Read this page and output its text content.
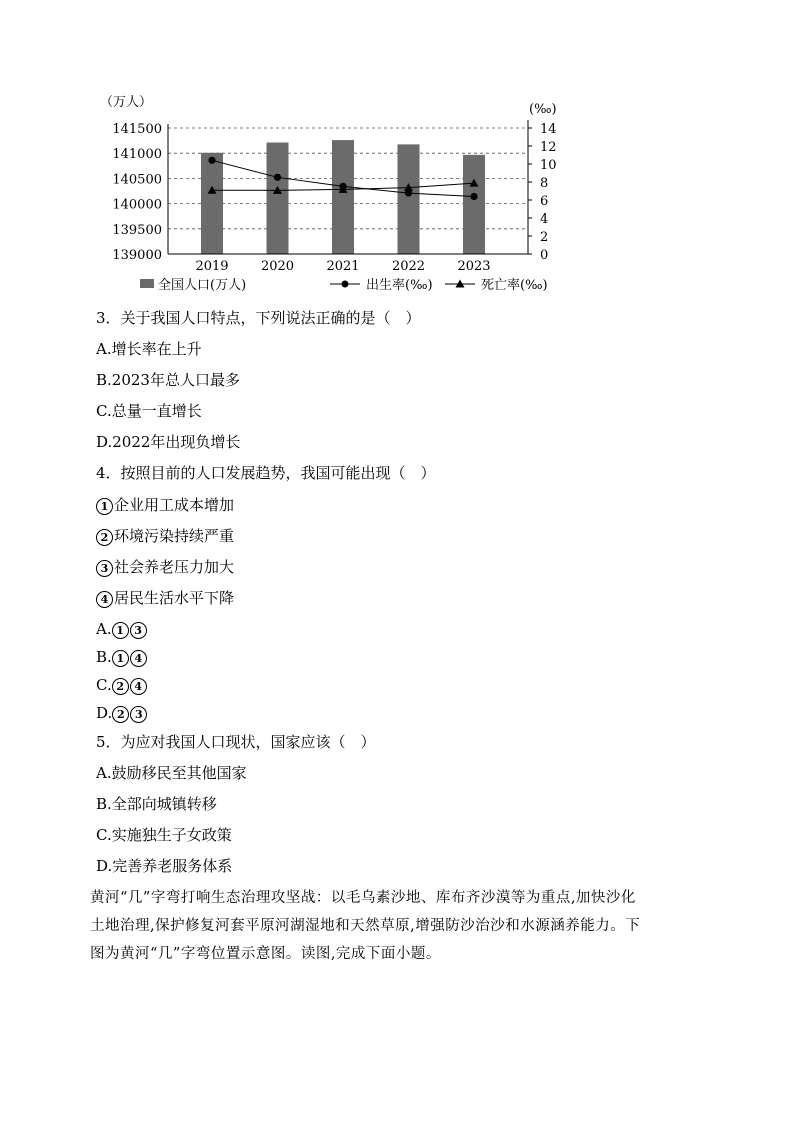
141500
141000
140500
140000
139500
139000
14
12
10
8
6
4
2
0
2019 2020 2021 2022 2023
（万人）	(‰)
全国人口(万人)	出生率(‰)	死亡率(‰)
3．关于我国人口特点，下列说法正确的是（　）
A.增长率在上升
B.2023年总人口最多
C.总量一直增长
D.2022年出现负增长
4．按照目前的人口发展趋势，我国可能出现（　）
1 企业用工成本增加
2 环境污染持续严重
3 社会养老压力加大
4 居民生活水平下降
A. 1 3
B. 1 4
C. 2 4
D. 2 3
5．为应对我国人口现状，国家应该（　）
A.鼓励移民至其他国家
B.全部向城镇转移
C.实施独生子女政策
D.完善养老服务体系
黄河“几”字弯打响生态治理攻坚战：以毛乌素沙地、库布齐沙漠等为重点,加快沙化
土地治理,保护修复河套平原河湖湿地和天然草原,增强防沙治沙和水源涵养能力。下
图为黄河“几”字弯位置示意图。读图,完成下面小题。
